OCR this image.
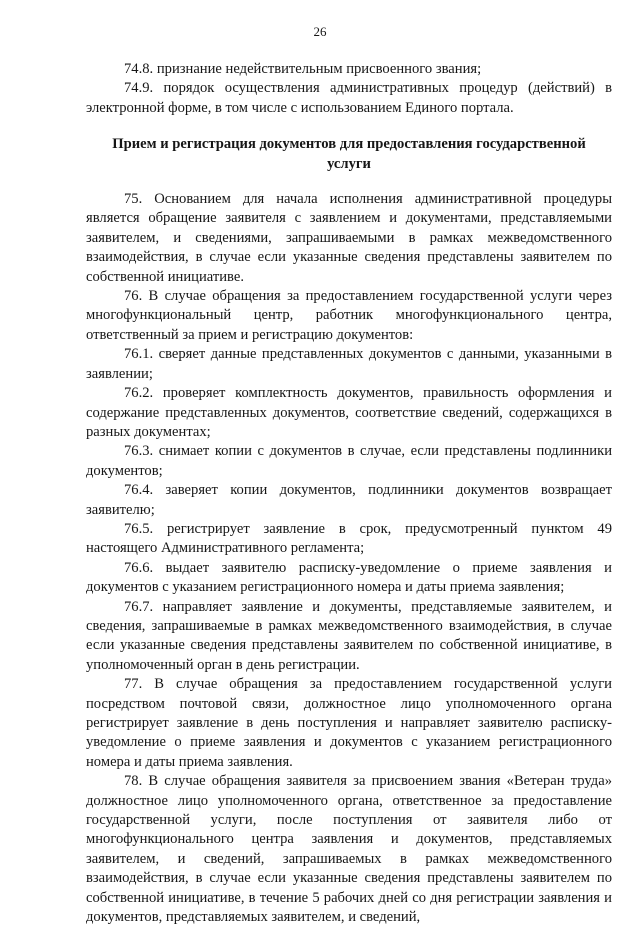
26

74.8. признание недействительным присвоенного звания;

74.9. порядок осуществления административных процедур (действий) в электронной форме, в том числе с использованием Единого портала.

Прием и регистрация документов для предоставления государственной услуги

75. Основанием для начала исполнения административной процедуры является обращение заявителя с заявлением и документами, представляемыми заявителем, и сведениями, запрашиваемыми в рамках межведомственного взаимодействия, в случае если указанные сведения представлены заявителем по собственной инициативе.

76. В случае обращения за предоставлением государственной услуги через многофункциональный центр, работник многофункционального центра, ответственный за прием и регистрацию документов:

76.1. сверяет данные представленных документов с данными, указанными в заявлении;

76.2. проверяет комплектность документов, правильность оформления и содержание представленных документов, соответствие сведений, содержащихся в разных документах;

76.3. снимает копии с документов в случае, если представлены подлинники документов;

76.4. заверяет копии документов, подлинники документов возвращает заявителю;

76.5. регистрирует заявление в срок, предусмотренный пунктом 49 настоящего Административного регламента;

76.6. выдает заявителю расписку-уведомление о приеме заявления и документов с указанием регистрационного номера и даты приема заявления;

76.7. направляет заявление и документы, представляемые заявителем, и сведения, запрашиваемые в рамках межведомственного взаимодействия, в случае если указанные сведения представлены заявителем по собственной инициативе, в уполномоченный орган в день регистрации.

77. В случае обращения за предоставлением государственной услуги посредством почтовой связи, должностное лицо уполномоченного органа регистрирует заявление в день поступления и направляет заявителю расписку-уведомление о приеме заявления и документов с указанием регистрационного номера и даты приема заявления.

78. В случае обращения заявителя за присвоением звания «Ветеран труда» должностное лицо уполномоченного органа, ответственное за предоставление государственной услуги, после поступления от заявителя либо от многофункционального центра заявления и документов, представляемых заявителем, и сведений, запрашиваемых в рамках межведомственного взаимодействия, в случае если указанные сведения представлены заявителем по собственной инициативе, в течение 5 рабочих дней со дня регистрации заявления и документов, представляемых заявителем, и сведений,
